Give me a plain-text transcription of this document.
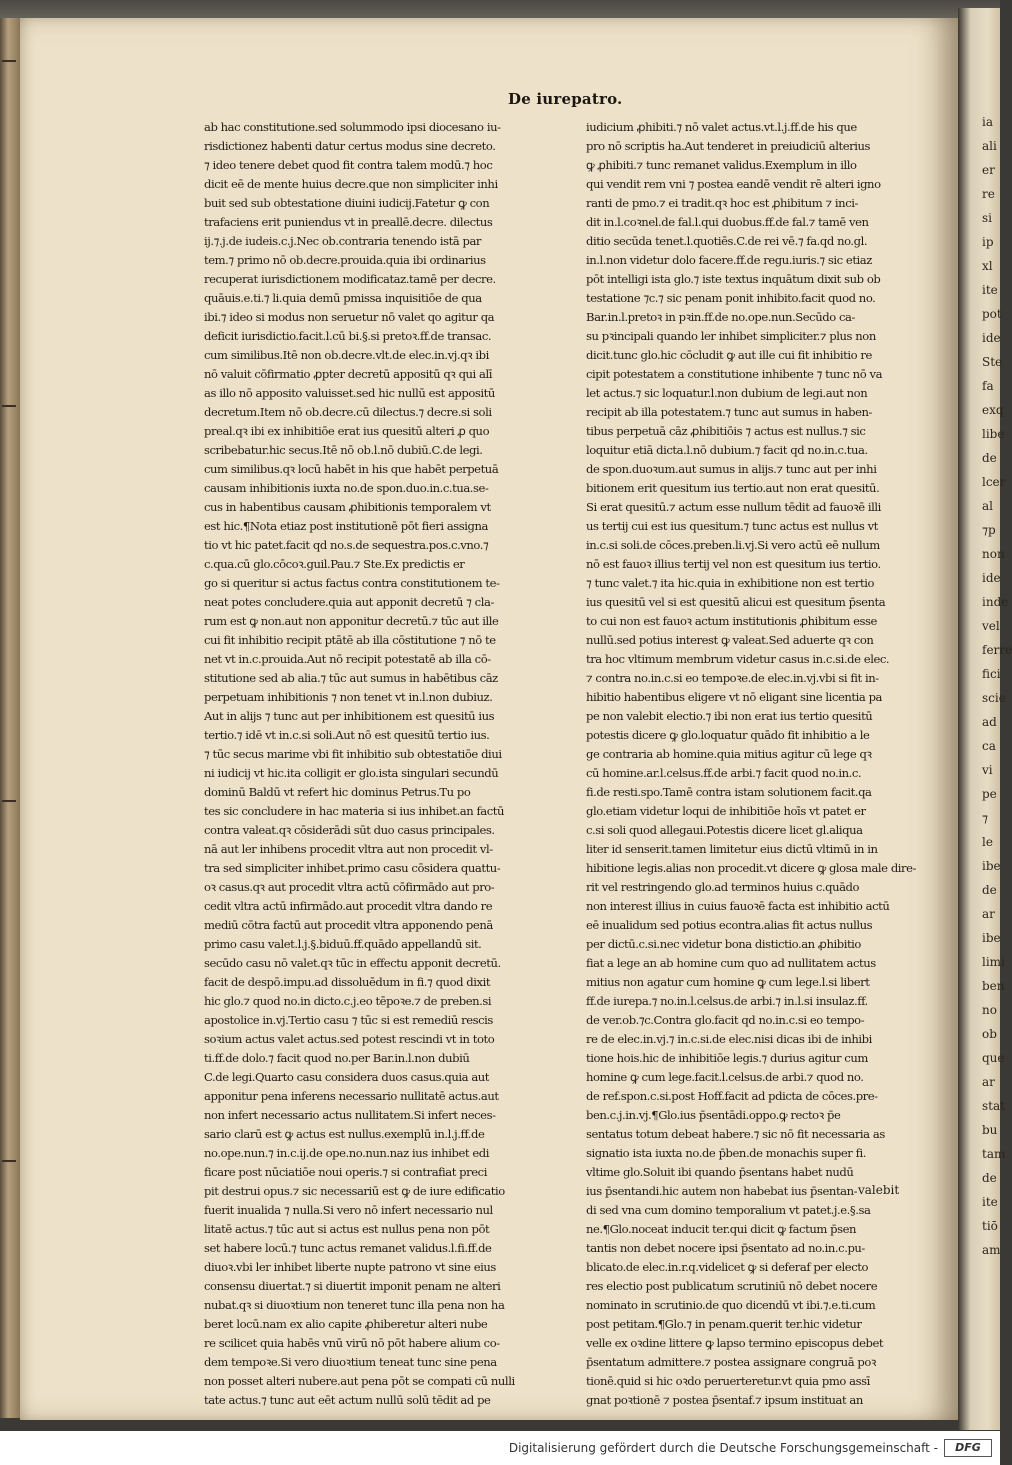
ia
ali
er
re
si
ip
xl
ite
pot
ide
Ste
fa
exq
libe
de
lcer
al
⁊p
non
ide
inde
vel
ferre
fici
scie
ad
ca
vi
pe
⁊
le
ibe
de
ar
ibe
limi
ben
no
ob
que
ar
stat
bu
tam
de
ite
tiō
am
De iurepatro.
ab hac constitutione.sed solummodo ipsi diocesano iu-
risdictionez habenti datur certus modus sine decreto.
⁊ ideo tenere debet quod fit contra talem modū.⁊ hoc
dicit eē de mente huius decre.que non simpliciter inhi
buit sed sub obtestatione diuini iudicij.Fatetur ꝙ con
trafaciens erit puniendus vt in preallē.decre. dilectus
ij.⁊.j.de iudeis.c.j.Nec ob.contraria tenendo istā par
tem.⁊ primo nō ob.decre.prouida.quia ibi ordinarius
recuperat iurisdictionem modificataz.tamē per decre.
quāuis.e.ti.⁊ li.quia demū pmissa inquisitiōe de qua
ibi.⁊ ideo si modus non seruetur nō valet qo agitur qa
deficit iurisdictio.facit.l.cū bi.§.si pretoꝛ.ff.de transac.
cum similibus.Itē non ob.decre.vlt.de elec.in.vj.qꝛ ibi
nō valuit cōfirmatio ꝓpter decretū appositū qꝛ qui alī
as illo nō apposito valuisset.sed hic nullū est appositū
decretum.Item nō ob.decre.cū dilectus.⁊ decre.si soli
preal.qꝛ ibi ex inhibitiōe erat ius quesitū alteri ꝓ quo
scribebatur.hic secus.Itē nō ob.l.nō dubiū.C.de legi.
cum similibus.qꝛ locū habēt in his que habēt perpetuā
causam inhibitionis iuxta no.de spon.duo.in.c.tua.se-
cus in habentibus causam ꝓhibitionis temporalem vt
est hic.¶Nota etiaz post institutionē pōt fieri assigna
tio vt hic patet.facit qd no.s.de sequestra.pos.c.vno.⁊
c.qua.cū glo.cōcoꝛ.guil.Pau.⁊ Ste.Ex predictis er
go si queritur si actus factus contra constitutionem te-
neat potes concludere.quia aut apponit decretū ⁊ cla-
rum est ꝙ non.aut non apponitur decretū.⁊ tūc aut ille
cui fit inhibitio recipit ptātē ab illa cōstitutione ⁊ nō te
net vt in.c.prouida.Aut nō recipit potestatē ab illa cō-
stitutione sed ab alia.⁊ tūc aut sumus in habētibus cāz
perpetuam inhibitionis ⁊ non tenet vt in.l.non dubiuz.
Aut in alijs ⁊ tunc aut per inhibitionem est quesitū ius
tertio.⁊ idē vt in.c.si soli.Aut nō est quesitū tertio ius.
⁊ tūc secus marime vbi fit inhibitio sub obtestatiōe diui
ni iudicij vt hic.ita colligit er glo.ista singulari secundū
dominū Baldū vt refert hic dominus Petrus.Tu po
tes sic concludere in hac materia si ius inhibet.an factū
contra valeat.qꝛ cōsiderādi sūt duo casus principales.
nā aut ler inhibens procedit vltra aut non procedit vl-
tra sed simpliciter inhibet.primo casu cōsidera quattu-
oꝛ casus.qꝛ aut procedit vltra actū cōfirmādo aut pro-
cedit vltra actū infirmādo.aut procedit vltra dando re
mediū cōtra factū aut procedit vltra apponendo penā
primo casu valet.l.j.§.biduū.ff.quādo appellandū sit.
secūdo casu nō valet.qꝛ tūc in effectu apponit decretū.
facit de despō.impu.ad dissoluēdum in fi.⁊ quod dixit
hic glo.⁊ quod no.in dicto.c.j.eo tēpoꝛe.⁊ de preben.si
apostolice in.vj.Tertio casu ⁊ tūc si est remediū rescis
soꝛium actus valet actus.sed potest rescindi vt in toto
ti.ff.de dolo.⁊ facit quod no.per Bar.in.l.non dubiū
C.de legi.Quarto casu considera duos casus.quia aut
apponitur pena inferens necessario nullitatē actus.aut
non infert necessario actus nullitatem.Si infert neces-
sario clarū est ꝙ actus est nullus.exemplū in.l.j.ff.de
no.ope.nun.⁊ in.c.ij.de ope.no.nun.naz ius inhibet edi
ficare post nūciatiōe noui operis.⁊ si contrafiat preci
pit destrui opus.⁊ sic necessariū est ꝙ de iure edificatio
fuerit inualida ⁊ nulla.Si vero nō infert necessario nul
litatē actus.⁊ tūc aut si actus est nullus pena non pōt
set habere locū.⁊ tunc actus remanet validus.l.fi.ff.de
diuoꝛ.vbi ler inhibet liberte nupte patrono vt sine eius
consensu diuertat.⁊ si diuertit imponit penam ne alteri
nubat.qꝛ si diuoꝛtium non teneret tunc illa pena non ha
beret locū.nam ex alio capite ꝓhiberetur alteri nube
re scilicet quia habēs vnū virū nō pōt habere alium co-
dem tempoꝛe.Si vero diuoꝛtium teneat tunc sine pena
non posset alteri nubere.aut pena pōt se compati cū nulli
tate actus.⁊ tunc aut eēt actum nullū solū tēdit ad pe
iudicium ꝓhibiti.⁊ nō valet actus.vt.l.j.ff.de his que
pro nō scriptis ha.Aut tenderet in preiudiciū alterius
ꝙ ꝓhibiti.⁊ tunc remanet validus.Exemplum in illo
qui vendit rem vni ⁊ postea eandē vendit rē alteri igno
ranti de pmo.⁊ ei tradit.qꝛ hoc est ꝓhibitum ⁊ inci-
dit in.l.coꝛnel.de fal.l.qui duobus.ff.de fal.⁊ tamē ven
ditio secūda tenet.l.quotiēs.C.de rei vē.⁊ fa.qd no.gl.
in.l.non videtur dolo facere.ff.de regu.iuris.⁊ sic etiaz
pōt intelligi ista glo.⁊ iste textus inquātum dixit sub ob
testatione ⁊c.⁊ sic penam ponit inhibito.facit quod no.
Bar.in.l.pretoꝛ in pꝛin.ff.de no.ope.nun.Secūdo ca-
su pꝛincipali quando ler inhibet simpliciter.⁊ plus non
dicit.tunc glo.hic cōcludit ꝙ aut ille cui fit inhibitio re
cipit potestatem a constitutione inhibente ⁊ tunc nō va
let actus.⁊ sic loquatur.l.non dubium de legi.aut non
recipit ab illa potestatem.⁊ tunc aut sumus in haben-
tibus perpetuā cāz ꝓhibitiōis ⁊ actus est nullus.⁊ sic
loquitur etiā dicta.l.nō dubium.⁊ facit qd no.in.c.tua.
de spon.duoꝛum.aut sumus in alijs.⁊ tunc aut per inhi
bitionem erit quesitum ius tertio.aut non erat quesitū.
Si erat quesitū.⁊ actum esse nullum tēdit ad fauoꝛē illi
us tertij cui est ius quesitum.⁊ tunc actus est nullus vt
in.c.si soli.de cōces.preben.li.vj.Si vero actū eē nullum
nō est fauoꝛ illius tertij vel non est quesitum ius tertio.
⁊ tunc valet.⁊ ita hic.quia in exhibitione non est tertio
ius quesitū vel si est quesitū alicui est quesitum p̄senta
to cui non est fauoꝛ actum institutionis ꝓhibitum esse
nullū.sed potius interest ꝙ valeat.Sed aduerte qꝛ con
tra hoc vltimum membrum videtur casus in.c.si.de elec.
⁊ contra no.in.c.si eo tempoꝛe.de elec.in.vj.vbi si fit in-
hibitio habentibus eligere vt nō eligant sine licentia pa
pe non valebit electio.⁊ ibi non erat ius tertio quesitū
potestis dicere ꝙ glo.loquatur quādo fit inhibitio a le
ge contraria ab homine.quia mitius agitur cū lege qꝛ
cū homine.ar.l.celsus.ff.de arbi.⁊ facit quod no.in.c.
fi.de resti.spo.Tamē contra istam solutionem facit.qa
glo.etiam videtur loqui de inhibitiōe hoīs vt patet er
c.si soli quod allegaui.Potestis dicere licet gl.aliqua
liter id senserit.tamen limitetur eius dictū vltimū in in
hibitione legis.alias non procedit.vt dicere ꝙ glosa male dire-
rit vel restringendo glo.ad terminos huius c.quādo
non interest illius in cuius fauoꝛē facta est inhibitio actū
eē inualidum sed potius econtra.alias fit actus nullus
per dictū.c.si.nec videtur bona distictio.an ꝓhibitio
fiat a lege an ab homine cum quo ad nullitatem actus
mitius non agatur cum homine ꝙ cum lege.l.si libert
ff.de iurepa.⁊ no.in.l.celsus.de arbi.⁊ in.l.si insulaz.ff.
de ver.ob.⁊c.Contra glo.facit qd no.in.c.si eo tempo-
re de elec.in.vj.⁊ in.c.si.de elec.nisi dicas ibi de inhibi
tione hois.hic de inhibitiōe legis.⁊ durius agitur cum
homine ꝙ cum lege.facit.l.celsus.de arbi.⁊ quod no.
de ref.spon.c.si.post Hoff.facit ad pdicta de cōces.pre-
ben.c.j.in.vj.¶Glo.ius p̄sentādi.oppo.ꝙ rectoꝛ p̄e
sentatus totum debeat habere.⁊ sic nō fit necessaria as
signatio ista iuxta no.de p̄ben.de monachis super fi.
vltime glo.Soluit ibi quando p̄sentans habet nudū
ius p̄sentandi.hic autem non habebat ius p̄sentan-
di sed vna cum domino temporalium vt patet.j.e.§.sa
ne.¶Glo.noceat inducit ter.qui dicit ꝙ factum p̄sen
tantis non debet nocere ipsi p̄sentato ad no.in.c.pu-
blicato.de elec.in.r.q.videlicet ꝙ si deferaf per electo
res electio post publicatum scrutiniū nō debet nocere
nominato in scrutinio.de quo dicendū vt ibi.⁊.e.ti.cum
post petitam.¶Glo.⁊ in penam.querit ter.hic videtur
velle ex oꝛdine littere ꝙ lapso termino episcopus debet
p̄sentatum admittere.⁊ postea assignare congruā poꝛ
tionē.quid si hic oꝛdo peruerteretur.vt quia pmo assī
gnat poꝛtionē ⁊ postea p̄sentaf.⁊ ipsum instituat an
valebit
Digitalisierung gefördert durch die Deutsche Forschungsgemeinschaft -	DFG
